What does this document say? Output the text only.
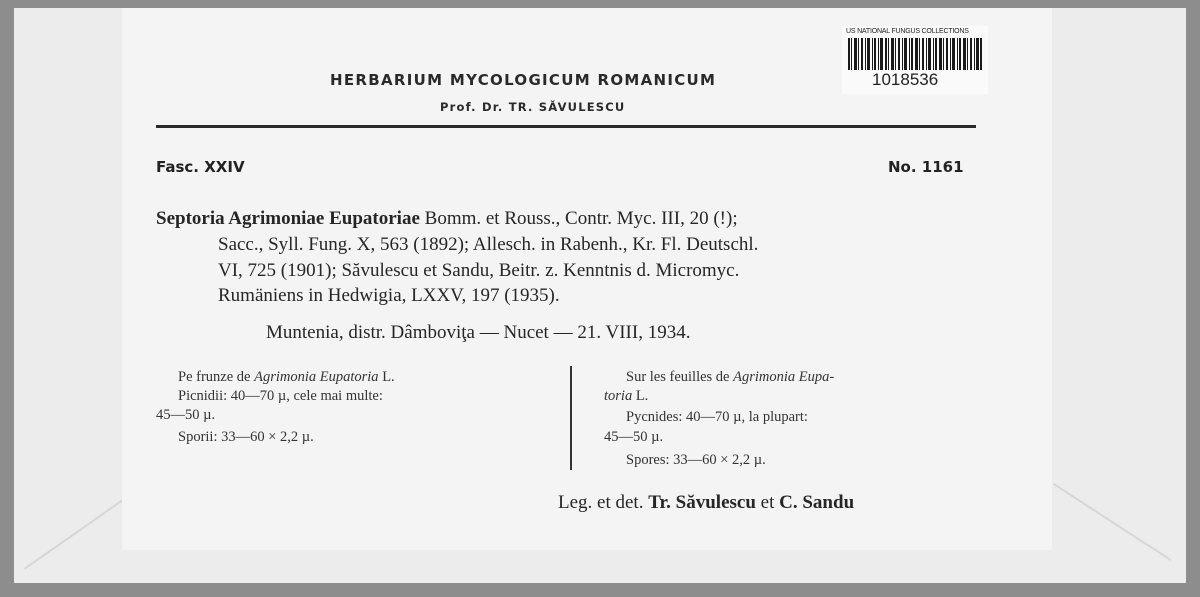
US NATIONAL FUNGUS COLLECTIONS
1018536
HERBARIUM MYCOLOGICUM ROMANICUM
Prof. Dr. TR. SĂVULESCU
Fasc. XXIV	No. 1161
Septoria Agrimoniae Eupatoriae Bomm. et Rouss., Contr. Myc. III, 20 (!);
Sacc., Syll. Fung. X, 563 (1892); Allesch. in Rabenh., Kr. Fl. Deutschl.
VI, 725 (1901); Săvulescu et Sandu, Beitr. z. Kenntnis d. Micromyc.
Rumäniens in Hedwigia, LXXV, 197 (1935).
Muntenia, distr. Dâmboviţa — Nucet — 21. VIII, 1934.
Pe frunze de Agrimonia Eupatoria L.
Picnidii: 40—70 µ, cele mai multe:
45—50 µ.
Sporii: 33—60 × 2,2 µ.
Sur les feuilles de Agrimonia Eupa-
toria L.
Pycnides: 40—70 µ, la plupart:
45—50 µ.
Spores: 33—60 × 2,2 µ.
Leg. et det. Tr. Săvulescu et C. Sandu
